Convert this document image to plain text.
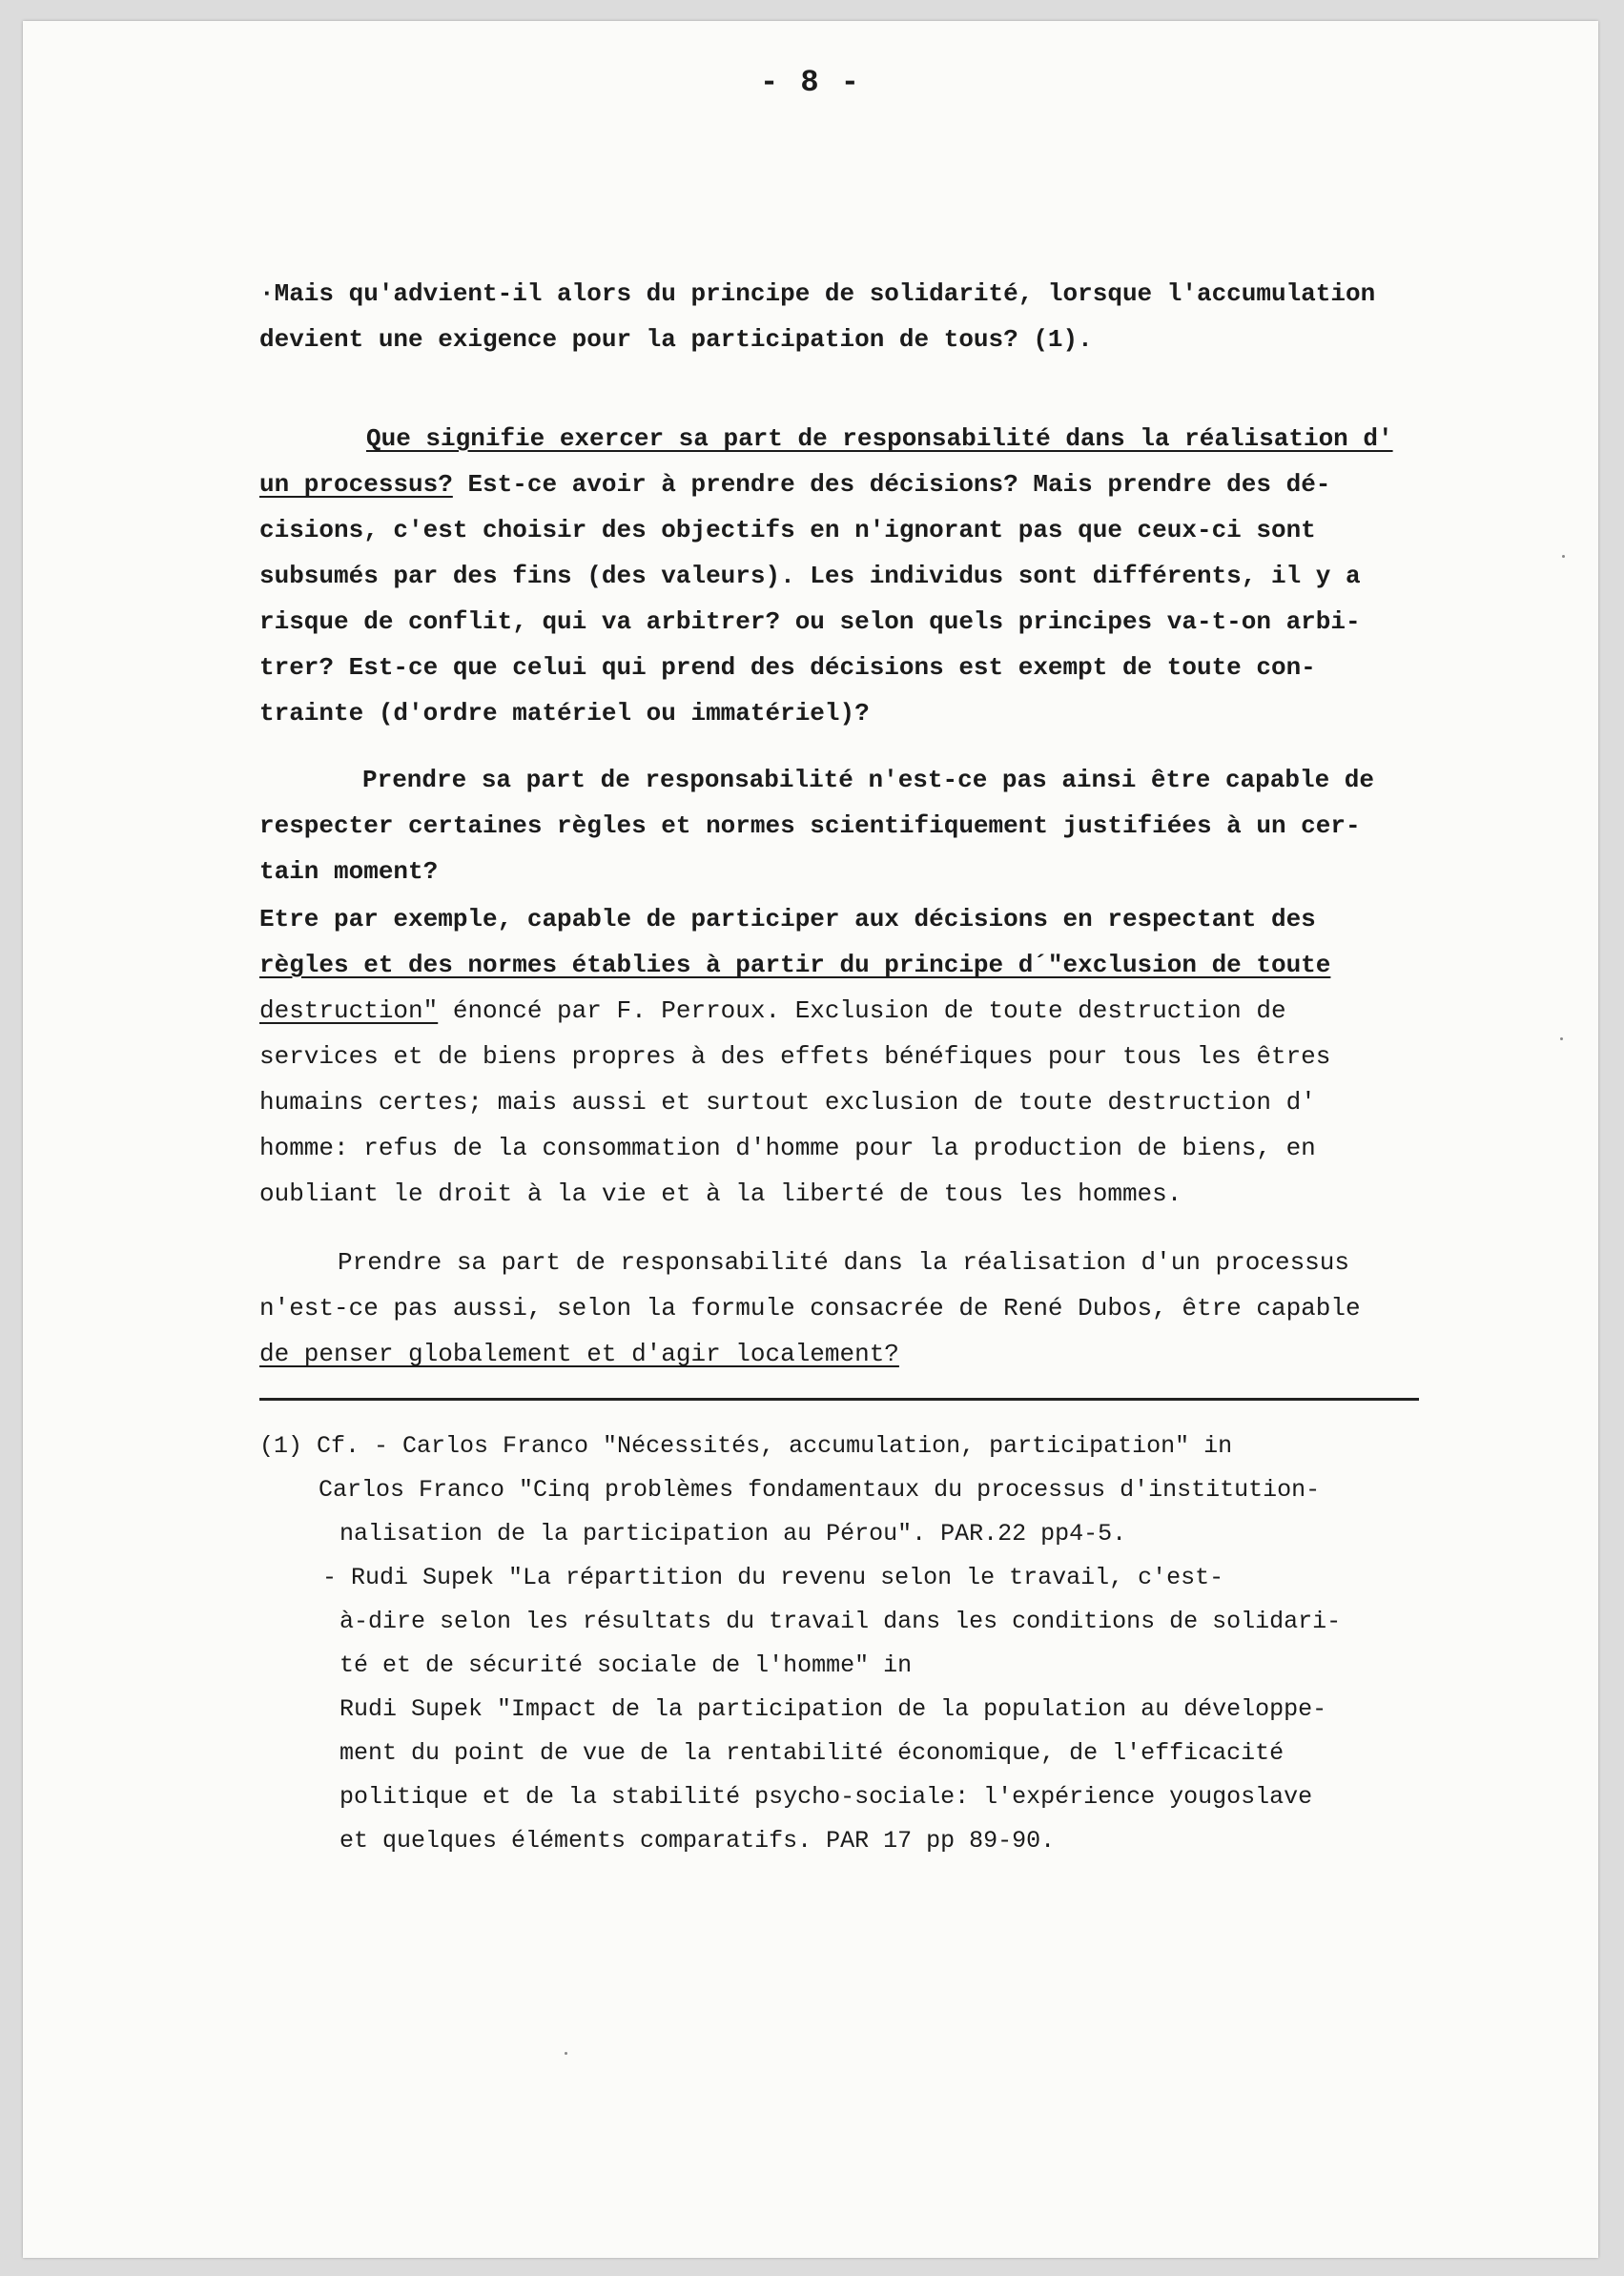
- 8 -
·Mais qu'advient-il alors du principe de solidarité, lorsque l'accumulation
devient une exigence pour la participation de tous? (1).
Que signifie exercer sa part de responsabilité dans la réalisation d'
un processus? Est-ce avoir à prendre des décisions? Mais prendre des dé-
cisions, c'est choisir des objectifs en n'ignorant pas que ceux-ci sont
subsumés par des fins (des valeurs). Les individus sont différents, il y a
risque de conflit, qui va arbitrer? ou selon quels principes va-t-on arbi-
trer? Est-ce que celui qui prend des décisions est exempt de toute con-
trainte (d'ordre matériel ou immatériel)?
Prendre sa part de responsabilité n'est-ce pas ainsi être capable de
respecter certaines règles et normes scientifiquement justifiées à un cer-
tain moment?
Etre par exemple, capable de participer aux décisions en respectant des
règles et des normes établies à partir du principe d´"exclusion de toute
destruction" énoncé par F. Perroux. Exclusion de toute destruction de
services et de biens propres à des effets bénéfiques pour tous les êtres
humains certes; mais aussi et surtout exclusion de toute destruction d'
homme: refus de la consommation d'homme pour la production de biens, en
oubliant le droit à la vie et à la liberté de tous les hommes.
Prendre sa part de responsabilité dans la réalisation d'un processus
n'est-ce pas aussi, selon la formule consacrée de René Dubos, être capable
de penser globalement et d'agir localement?
(1) Cf. - Carlos Franco "Nécessités, accumulation, participation" in
Carlos Franco "Cinq problèmes fondamentaux du processus d'institution-
nalisation de la participation au Pérou". PAR.22 pp4-5.
- Rudi Supek "La répartition du revenu selon le travail, c'est-
à-dire selon les résultats du travail dans les conditions de solidari-
té et de sécurité sociale de l'homme" in
Rudi Supek "Impact de la participation de la population au développe-
ment du point de vue de la rentabilité économique, de l'efficacité
politique et de la stabilité psycho-sociale: l'expérience yougoslave
et quelques éléments comparatifs. PAR 17 pp 89-90.
